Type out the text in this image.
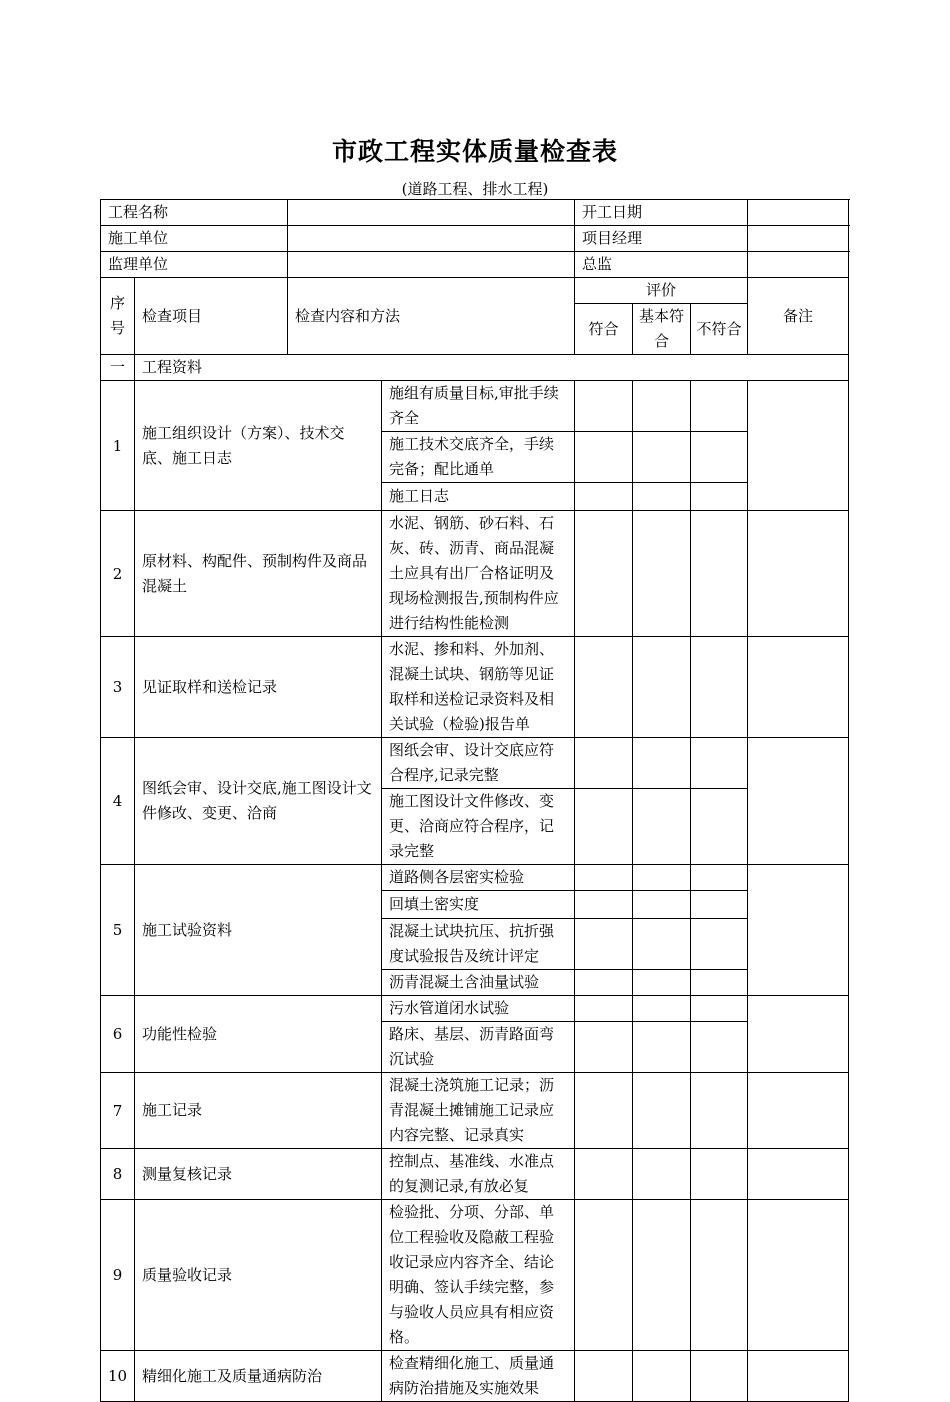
市政工程实体质量检查表
(道路工程、排水工程)
工程名称				开工日期			
施工单位				项目经理			
监理单位				总监			
序号	检查项目	检查内容和方法		评价			备注
				符合	基本符合	不符合	
一	工程资料						
1	施工组织设计（方案）、技术交底、施工日志		施组有质量目标,审批手续齐全				
			施工技术交底齐全，手续完备；配比通单				
			施工日志				
2	原材料、构配件、预制构件及商品混凝土		水泥、钢筋、砂石料、石灰、砖、沥青、商品混凝土应具有出厂合格证明及现场检测报告,预制构件应进行结构性能检测				
3	见证取样和送检记录		水泥、掺和料、外加剂、混凝土试块、钢筋等见证取样和送检记录资料及相关试验（检验)报告单				
4	图纸会审、设计交底,施工图设计文件修改、变更、洽商		图纸会审、设计交底应符合程序,记录完整				
			施工图设计文件修改、变更、洽商应符合程序，记录完整				
5	施工试验资料		道路侧各层密实检验				
			回填土密实度				
			混凝土试块抗压、抗折强度试验报告及统计评定				
			沥青混凝土含油量试验				
6	功能性检验		污水管道闭水试验				
			路床、基层、沥青路面弯沉试验				
7	施工记录		混凝土浇筑施工记录；沥青混凝土摊铺施工记录应内容完整、记录真实				
8	测量复核记录		控制点、基准线、水准点的复测记录,有放必复				
9	质量验收记录		检验批、分项、分部、单位工程验收及隐蔽工程验收记录应内容齐全、结论明确、签认手续完整，参与验收人员应具有相应资格。				
10	精细化施工及质量通病防治		检查精细化施工、质量通病防治措施及实施效果				
